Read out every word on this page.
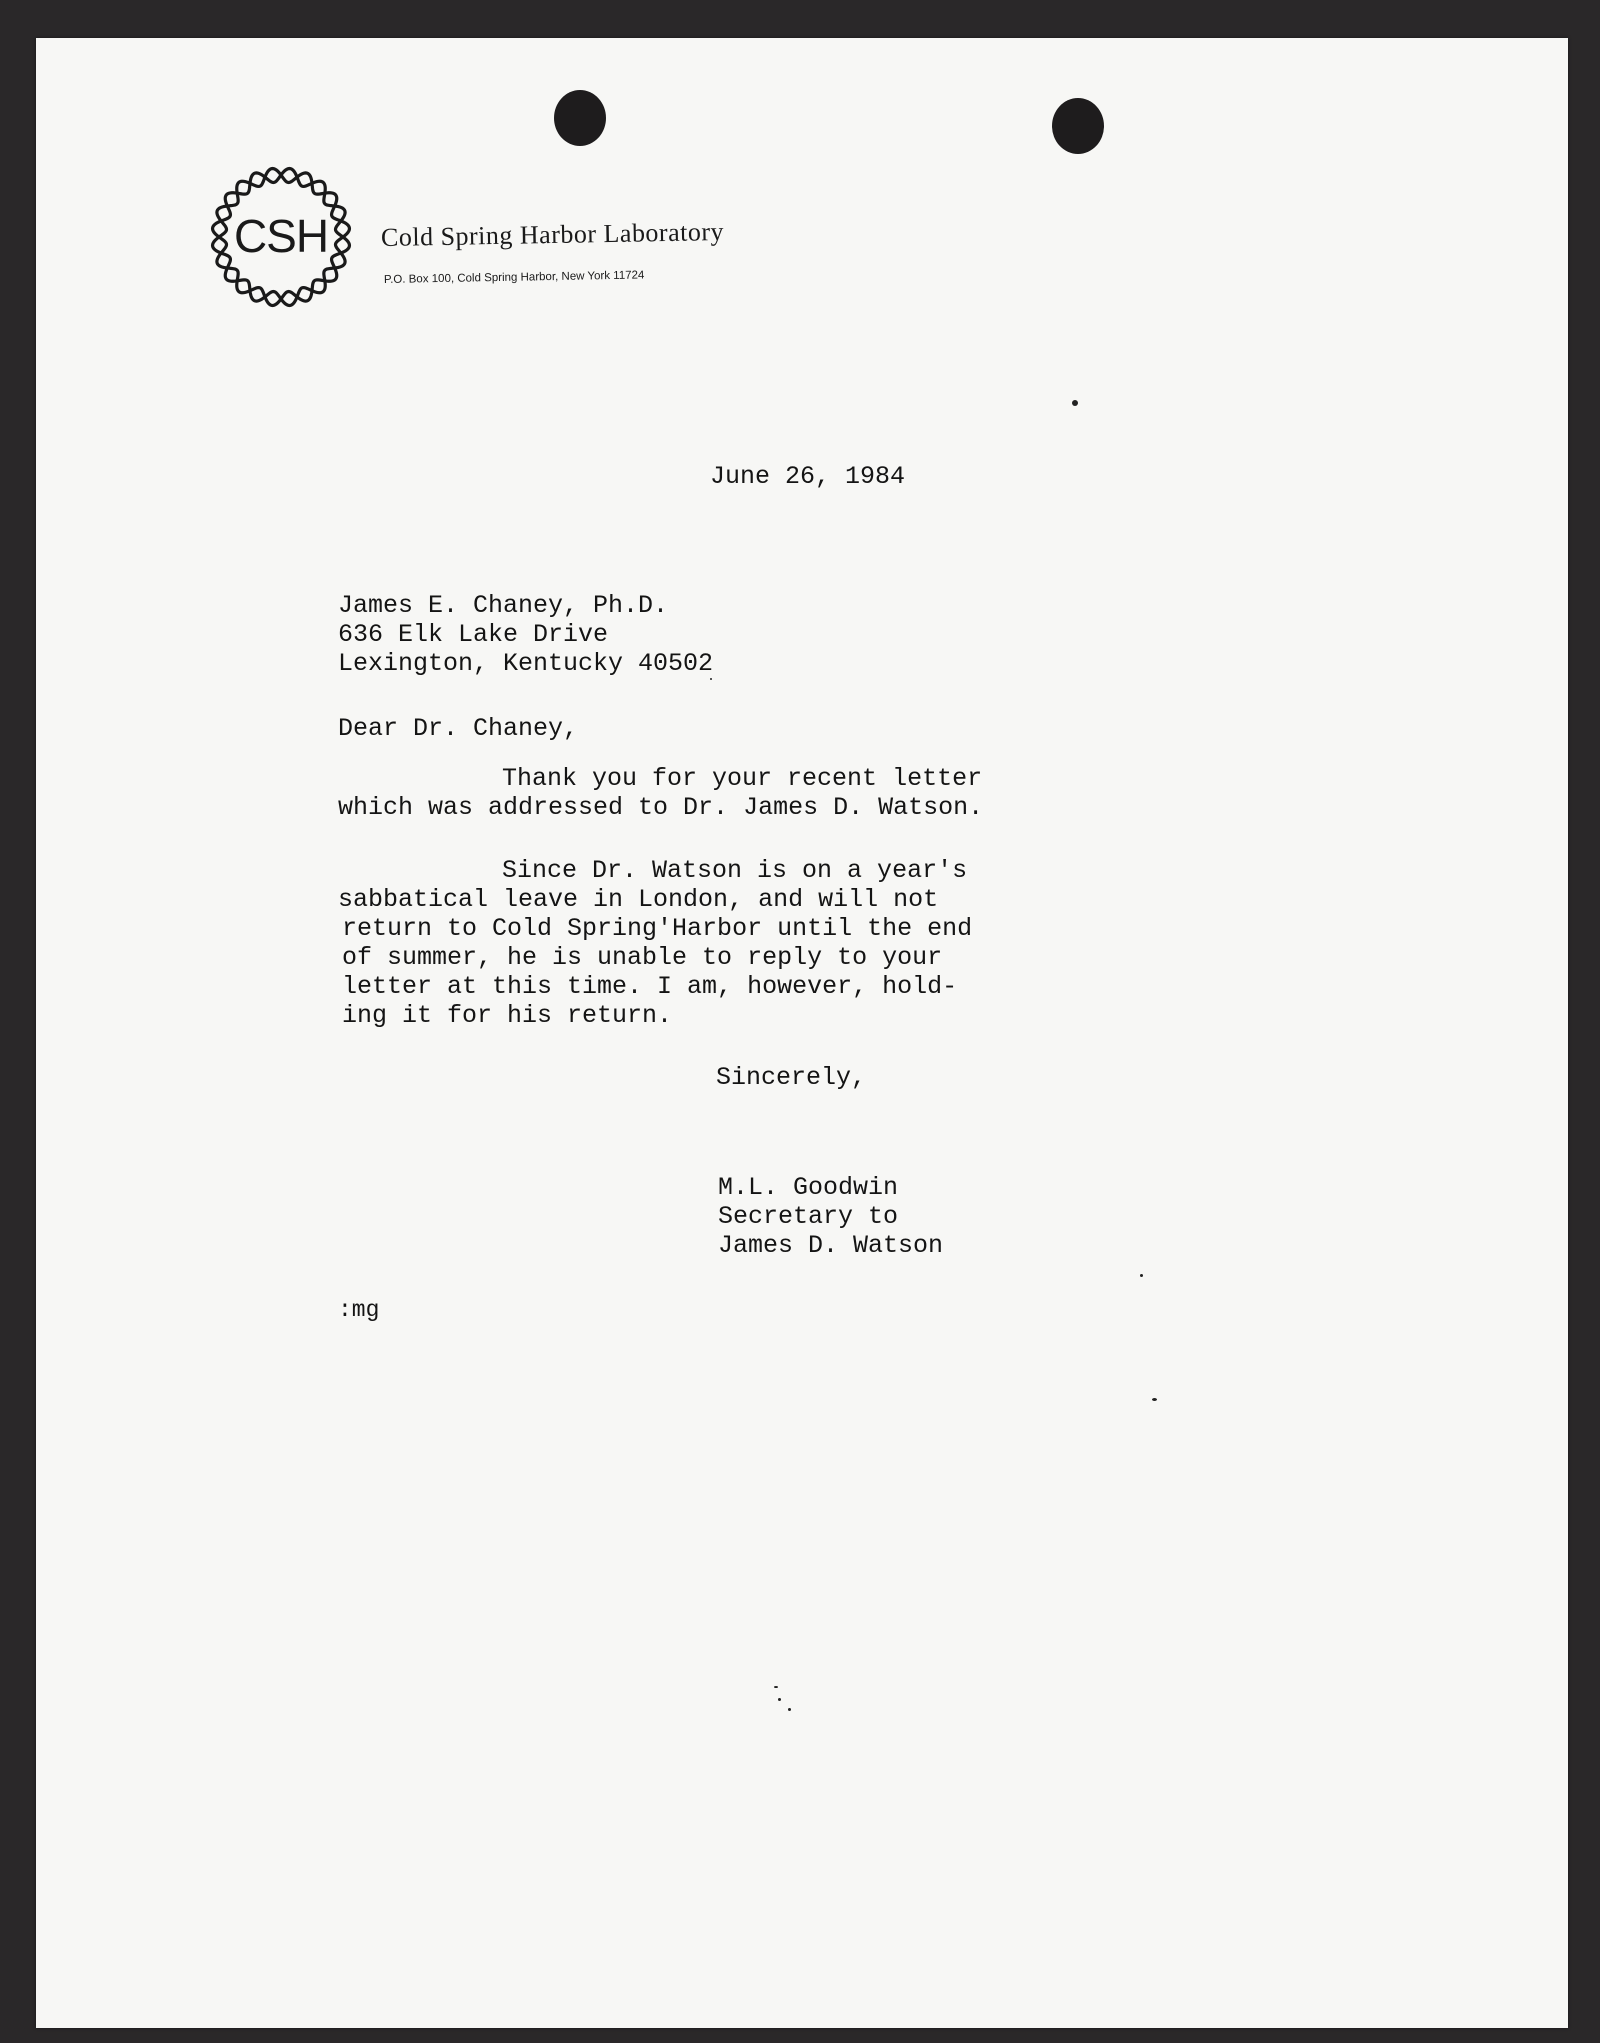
CSH Cold Spring Harbor Laboratory
P.O. Box 100, Cold Spring Harbor, New York 11724
June 26, 1984
James E. Chaney, Ph.D.
636 Elk Lake Drive
Lexington, Kentucky 40502
Dear Dr. Chaney,
Thank you for your recent letter
which was addressed to Dr. James D. Watson.
Since Dr. Watson is on a year's
sabbatical leave in London, and will not
return to Cold Spring'Harbor until the end
of summer, he is unable to reply to your
letter at this time. I am, however, hold-
ing it for his return.
Sincerely,
M.L. Goodwin
Secretary to
James D. Watson
:mg
